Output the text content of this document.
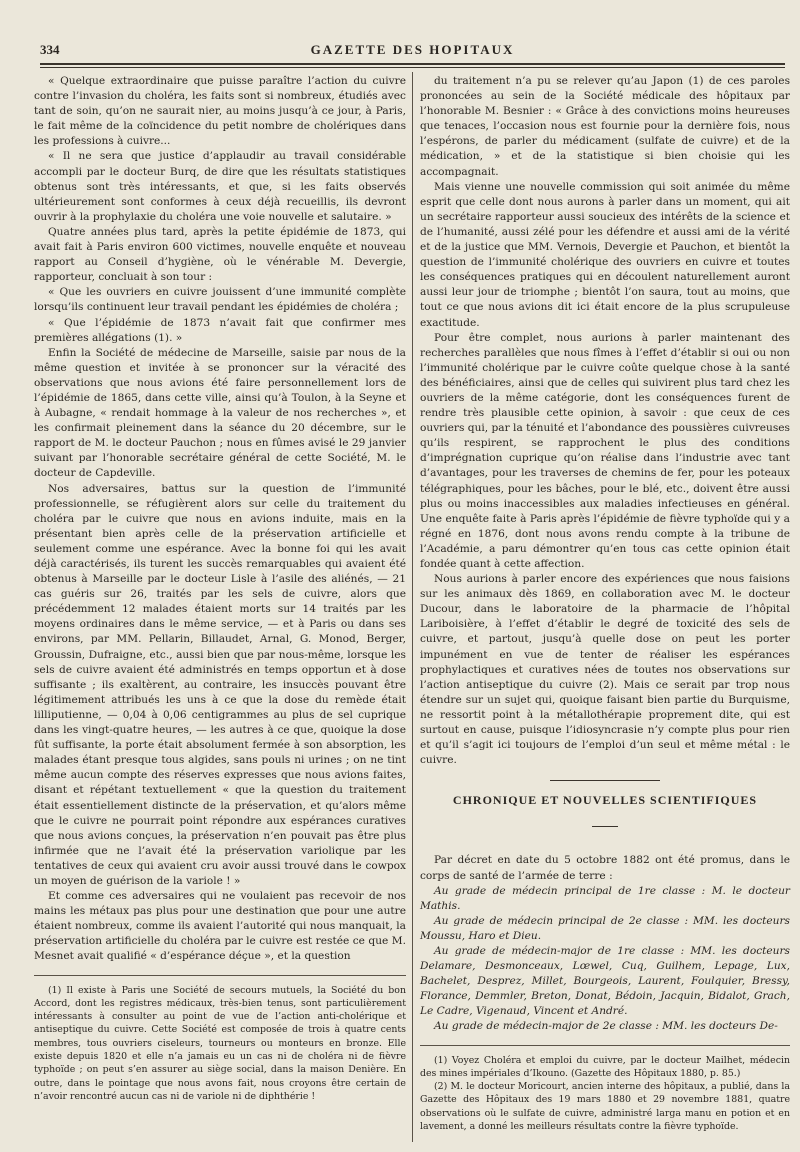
334	GAZETTE DES HOPITAUX

« Quelque extraordinaire que puisse paraître l’action du cuivre contre l’invasion du choléra, les faits sont si nombreux, étudiés avec tant de soin, qu’on ne saurait nier, au moins jusqu’à ce jour, à Paris, le fait même de la coïncidence du petit nombre de cholériques dans les professions à cuivre...

« Il ne sera que justice d’applaudir au travail considérable accompli par le docteur Burq, de dire que les résultats statistiques obtenus sont très intéressants, et que, si les faits observés ultérieurement sont conformes à ceux déjà recueillis, ils devront ouvrir à la prophylaxie du choléra une voie nouvelle et salutaire. »

Quatre années plus tard, après la petite épidémie de 1873, qui avait fait à Paris environ 600 victimes, nouvelle enquête et nouveau rapport au Conseil d’hygiène, où le vénérable M. Devergie, rapporteur, concluait à son tour :

« Que les ouvriers en cuivre jouissent d’une immunité complète lorsqu’ils continuent leur travail pendant les épidémies de choléra ;

« Que l’épidémie de 1873 n’avait fait que confirmer mes premières allégations (1). »

Enfin la Société de médecine de Marseille, saisie par nous de la même question et invitée à se prononcer sur la véracité des observations que nous avions été faire personnellement lors de l’épidémie de 1865, dans cette ville, ainsi qu’à Toulon, à la Seyne et à Aubagne, « rendait hommage à la valeur de nos recherches », et les confirmait pleinement dans la séance du 20 décembre, sur le rapport de M. le docteur Pauchon ; nous en fûmes avisé le 29 janvier suivant par l’honorable secrétaire général de cette Société, M. le docteur de Capdeville.

Nos adversaires, battus sur la question de l’immunité professionnelle, se réfugièrent alors sur celle du traitement du choléra par le cuivre que nous en avions induite, mais en la présentant bien après celle de la préservation artificielle et seulement comme une espérance. Avec la bonne foi qui les avait déjà caractérisés, ils turent les succès remarquables qui avaient été obtenus à Marseille par le docteur Lisle à l’asile des aliénés, — 21 cas guéris sur 26, traités par les sels de cuivre, alors que précédemment 12 malades étaient morts sur 14 traités par les moyens ordinaires dans le même service, — et à Paris ou dans ses environs, par MM. Pellarin, Billaudet, Arnal, G. Monod, Berger, Groussin, Dufraigne, etc., aussi bien que par nous-même, lorsque les sels de cuivre avaient été administrés en temps opportun et à dose suffisante ; ils exaltèrent, au contraire, les insuccès pouvant être légitimement attribués les uns à ce que la dose du remède était lilliputienne, — 0,04 à 0,06 centigrammes au plus de sel cuprique dans les vingt-quatre heures, — les autres à ce que, quoique la dose fût suffisante, la porte était absolument fermée à son absorption, les malades étant presque tous algides, sans pouls ni urines ; on ne tint même aucun compte des réserves expresses que nous avions faites, disant et répétant textuellement « que la question du traitement était essentiellement distincte de la préservation, et qu’alors même que le cuivre ne pourrait point répondre aux espérances curatives que nous avions conçues, la préservation n’en pouvait pas être plus infirmée que ne l’avait été la préservation variolique par les tentatives de ceux qui avaient cru avoir aussi trouvé dans le cowpox un moyen de guérison de la variole ! »

Et comme ces adversaires qui ne voulaient pas recevoir de nos mains les métaux pas plus pour une destination que pour une autre étaient nombreux, comme ils avaient l’autorité qui nous manquait, la préservation artificielle du choléra par le cuivre est restée ce que M. Mesnet avait qualifié « d’espérance déçue », et la question

(1) Il existe à Paris une Société de secours mutuels, la Société du bon Accord, dont les registres médicaux, très-bien tenus, sont particulièrement intéressants à consulter au point de vue de l’action anti-cholérique et antiseptique du cuivre. Cette Société est composée de trois à quatre cents membres, tous ouvriers ciseleurs, tourneurs ou monteurs en bronze. Elle existe depuis 1820 et elle n’a jamais eu un cas ni de choléra ni de fièvre typhoïde ; on peut s’en assurer au siège social, dans la maison Denière. En outre, dans le pointage que nous avons fait, nous croyons être certain de n’avoir rencontré aucun cas ni de variole ni de diphthérie !

du traitement n’a pu se relever qu’au Japon (1) de ces paroles prononcées au sein de la Société médicale des hôpitaux par l’honorable M. Besnier : « Grâce à des convictions moins heureuses que tenaces, l’occasion nous est fournie pour la dernière fois, nous l’espérons, de parler du médicament (sulfate de cuivre) et de la médication, » et de la statistique si bien choisie qui les accompagnait.

Mais vienne une nouvelle commission qui soit animée du même esprit que celle dont nous aurons à parler dans un moment, qui ait un secrétaire rapporteur aussi soucieux des intérêts de la science et de l’humanité, aussi zélé pour les défendre et aussi ami de la vérité et de la justice que MM. Vernois, Devergie et Pauchon, et bientôt la question de l’immunité cholérique des ouvriers en cuivre et toutes les conséquences pratiques qui en découlent naturellement auront aussi leur jour de triomphe ; bientôt l’on saura, tout au moins, que tout ce que nous avions dit ici était encore de la plus scrupuleuse exactitude.

Pour être complet, nous aurions à parler maintenant des recherches parallèles que nous fîmes à l’effet d’établir si oui ou non l’immunité cholérique par le cuivre coûte quelque chose à la santé des bénéficiaires, ainsi que de celles qui suivirent plus tard chez les ouvriers de la même catégorie, dont les conséquences furent de rendre très plausible cette opinion, à savoir : que ceux de ces ouvriers qui, par la ténuité et l’abondance des poussières cuivreuses qu’ils respirent, se rapprochent le plus des conditions d’imprégnation cuprique qu’on réalise dans l’industrie avec tant d’avantages, pour les traverses de chemins de fer, pour les poteaux télégraphiques, pour les bâches, pour le blé, etc., doivent être aussi plus ou moins inaccessibles aux maladies infectieuses en général. Une enquête faite à Paris après l’épidémie de fièvre typhoïde qui y a régné en 1876, dont nous avons rendu compte à la tribune de l’Académie, a paru démontrer qu’en tous cas cette opinion était fondée quant à cette affection.

Nous aurions à parler encore des expériences que nous faisions sur les animaux dès 1869, en collaboration avec M. le docteur Ducour, dans le laboratoire de la pharmacie de l’hôpital Lariboisière, à l’effet d’établir le degré de toxicité des sels de cuivre, et partout, jusqu’à quelle dose on peut les porter impunément en vue de tenter de réaliser les espérances prophylactiques et curatives nées de toutes nos observations sur l’action antiseptique du cuivre (2). Mais ce serait par trop nous étendre sur un sujet qui, quoique faisant bien partie du Burquisme, ne ressortit point à la métallothérapie proprement dite, qui est surtout en cause, puisque l’idiosyncrasie n’y compte plus pour rien et qu’il s’agit ici toujours de l’emploi d’un seul et même métal : le cuivre.

CHRONIQUE ET NOUVELLES SCIENTIFIQUES

Par décret en date du 5 octobre 1882 ont été promus, dans le corps de santé de l’armée de terre :

Au grade de médecin principal de 1re classe : M. le docteur Mathis.

Au grade de médecin principal de 2e classe : MM. les docteurs Moussu, Haro et Dieu.

Au grade de médecin-major de 1re classe : MM. les docteurs Delamare, Desmonceaux, Lœwel, Cuq, Guilhem, Lepage, Lux, Bachelet, Desprez, Millet, Bourgeois, Laurent, Foulquier, Bressy, Florance, Demmler, Breton, Donat, Bédoin, Jacquin, Bidalot, Grach, Le Cadre, Vigenaud, Vincent et André.

Au grade de médecin-major de 2e classe : MM. les docteurs De-

(1) Voyez Choléra et emploi du cuivre, par le docteur Mailhet, médecin des mines impériales d’Ikouno. (Gazette des Hôpitaux 1880, p. 85.)

(2) M. le docteur Moricourt, ancien interne des hôpitaux, a publié, dans la Gazette des Hôpitaux des 19 mars 1880 et 29 novembre 1881, quatre observations où le sulfate de cuivre, administré larga manu en potion et en lavement, a donné les meilleurs résultats contre la fièvre typhoïde.
